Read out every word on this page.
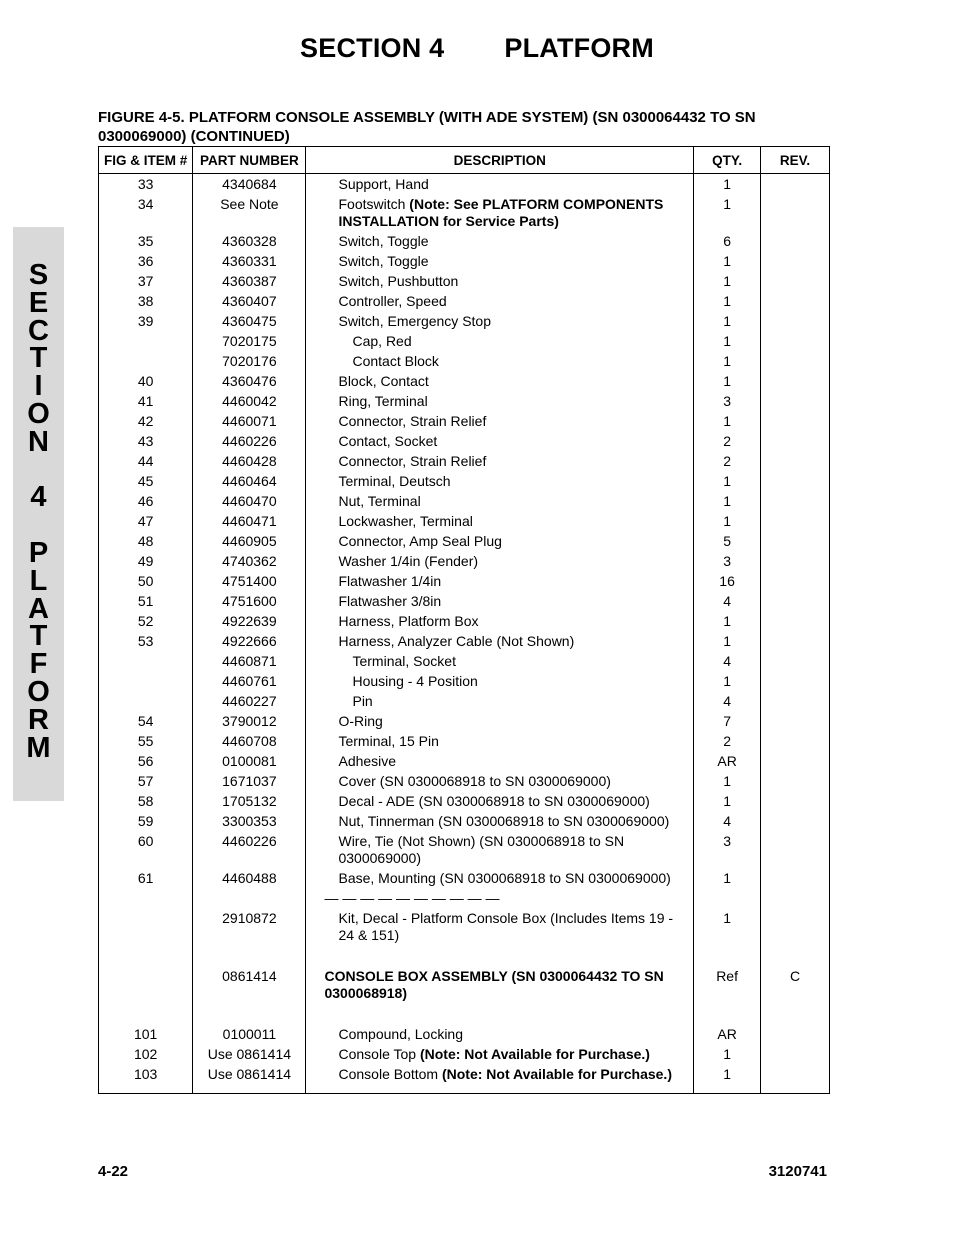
SECTION 4 PLATFORM
S
E
C
T
I
O
N
4
P
L
A
T
F
O
R
M
FIGURE 4-5. PLATFORM CONSOLE ASSEMBLY (WITH ADE SYSTEM) (SN 0300064432 TO SN 0300069000) (CONTINUED)
FIG & ITEM #	PART NUMBER	DESCRIPTION	QTY.	REV.
33	4340684	Support, Hand	1	
34	See Note	Footswitch (Note: See PLATFORM COMPONENTS INSTALLATION for Service Parts)	1	
35	4360328	Switch, Toggle	6	
36	4360331	Switch, Toggle	1	
37	4360387	Switch, Pushbutton	1	
38	4360407	Controller, Speed	1	
39	4360475	Switch, Emergency Stop	1	
	7020175	Cap, Red	1	
	7020176	Contact Block	1	
40	4360476	Block, Contact	1	
41	4460042	Ring, Terminal	3	
42	4460071	Connector, Strain Relief	1	
43	4460226	Contact, Socket	2	
44	4460428	Connector, Strain Relief	2	
45	4460464	Terminal, Deutsch	1	
46	4460470	Nut, Terminal	1	
47	4460471	Lockwasher, Terminal	1	
48	4460905	Connector, Amp Seal Plug	5	
49	4740362	Washer 1/4in (Fender)	3	
50	4751400	Flatwasher 1/4in	16	
51	4751600	Flatwasher 3/8in	4	
52	4922639	Harness, Platform Box	1	
53	4922666	Harness, Analyzer Cable (Not Shown)	1	
	4460871	Terminal, Socket	4	
	4460761	Housing - 4 Position	1	
	4460227	Pin	4	
54	3790012	O-Ring	7	
55	4460708	Terminal, 15 Pin	2	
56	0100081	Adhesive	AR	
57	1671037	Cover (SN 0300068918 to SN 0300069000)	1	
58	1705132	Decal - ADE (SN 0300068918 to SN 0300069000)	1	
59	3300353	Nut, Tinnerman (SN 0300068918 to SN 0300069000)	4	
60	4460226	Wire, Tie (Not Shown) (SN 0300068918 to SN 0300069000)	3	
61	4460488	Base, Mounting (SN 0300068918 to SN 0300069000)	1	
		— — — — — — — — — —		
	2910872	Kit, Decal - Platform Console Box (Includes Items 19 - 24 & 151)	1	

	0861414	CONSOLE BOX ASSEMBLY (SN 0300064432 TO SN 0300068918)	Ref	C

101	0100011	Compound, Locking	AR	
102	Use 0861414	Console Top (Note: Not Available for Purchase.)	1	
103	Use 0861414	Console Bottom (Note: Not Available for Purchase.)	1	
4-22	3120741
